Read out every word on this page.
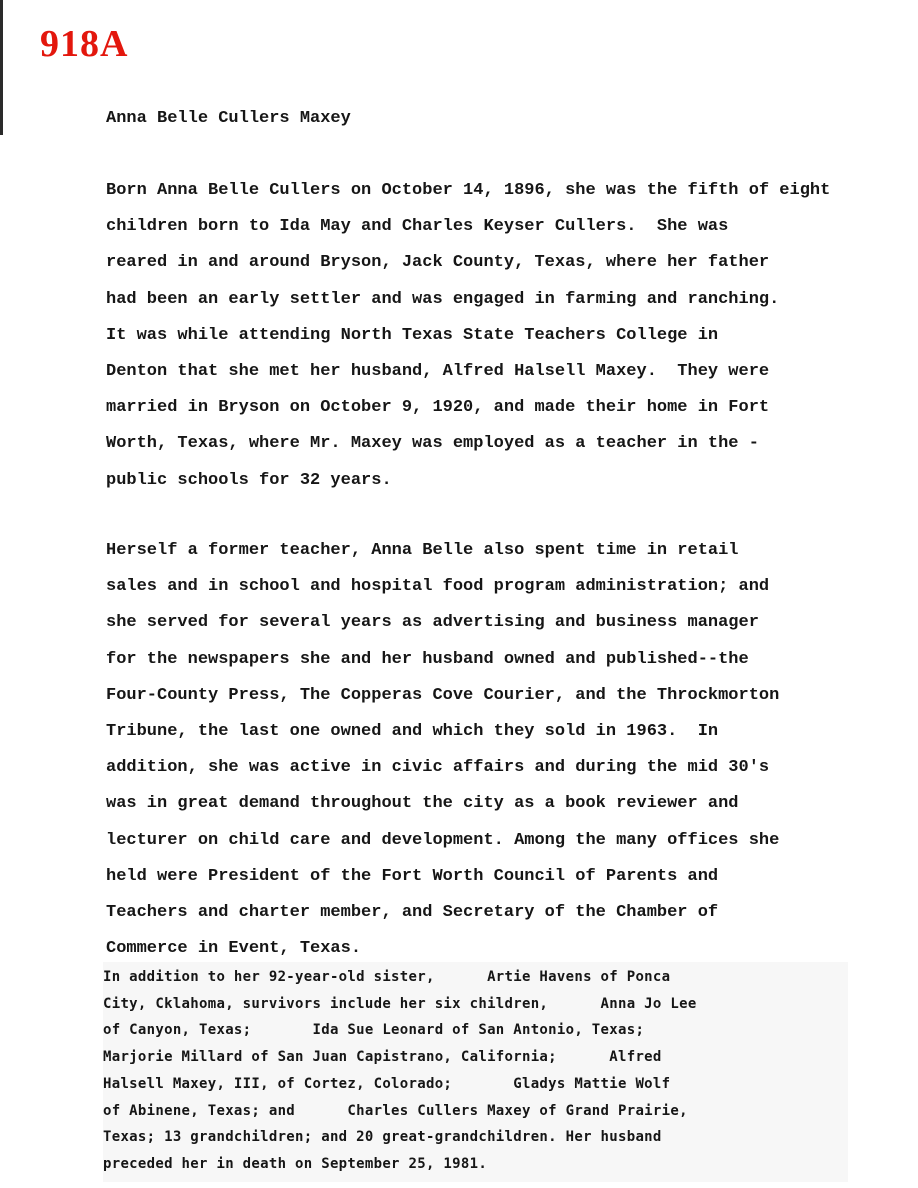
918A
Anna Belle Cullers Maxey

Born Anna Belle Cullers on October 14, 1896, she was the fifth of eight
children born to Ida May and Charles Keyser Cullers.  She was
reared in and around Bryson, Jack County, Texas, where her father
had been an early settler and was engaged in farming and ranching.
It was while attending North Texas State Teachers College in
Denton that she met her husband, Alfred Halsell Maxey.  They were
married in Bryson on October 9, 1920, and made their home in Fort
Worth, Texas, where Mr. Maxey was employed as a teacher in the -
public schools for 32 years.

Herself a former teacher, Anna Belle also spent time in retail
sales and in school and hospital food program administration; and
she served for several years as advertising and business manager
for the newspapers she and her husband owned and published--the
Four-County Press, The Copperas Cove Courier, and the Throckmorton
Tribune, the last one owned and which they sold in 1963.  In
addition, she was active in civic affairs and during the mid 30's
was in great demand throughout the city as a book reviewer and
lecturer on child care and development. Among the many offices she
held were President of the Fort Worth Council of Parents and
Teachers and charter member, and Secretary of the Chamber of
Commerce in Event, Texas.

In addition to her 92-year-old sister,      Artie Havens of Ponca
City, Cklahoma, survivors include her six children,      Anna Jo Lee
of Canyon, Texas;       Ida Sue Leonard of San Antonio, Texas;
Marjorie Millard of San Juan Capistrano, California;      Alfred
Halsell Maxey, III, of Cortez, Colorado;       Gladys Mattie Wolf
of Abinene, Texas; and      Charles Cullers Maxey of Grand Prairie,
Texas; 13 grandchildren; and 20 great-grandchildren. Her husband
preceded her in death on September 25, 1981.
